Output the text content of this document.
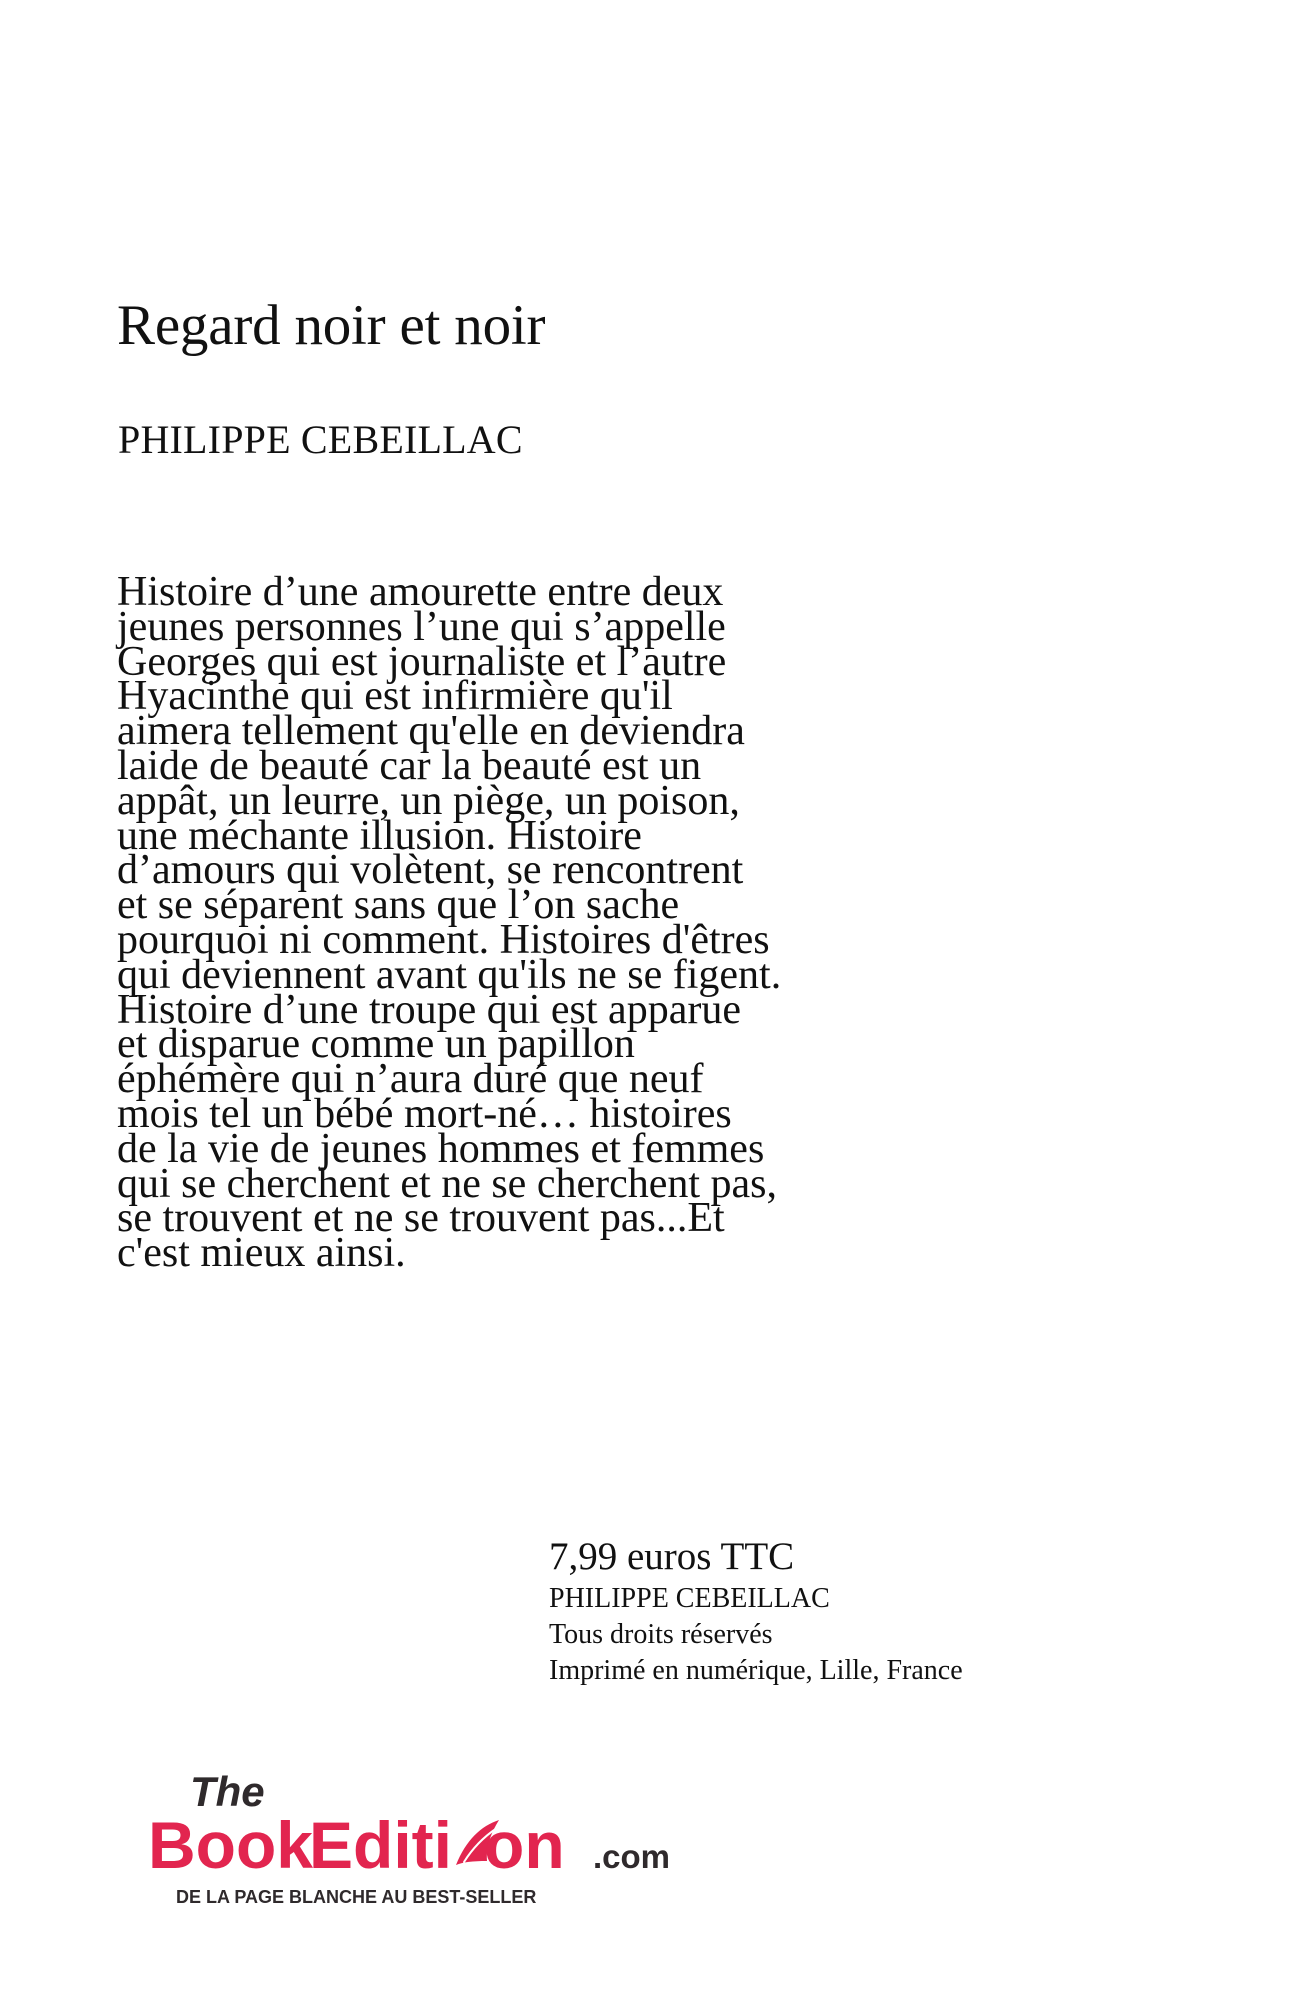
Regard noir et noir
PHILIPPE CEBEILLAC
Histoire d’une amourette entre deux
jeunes personnes l’une qui s’appelle
Georges qui est journaliste et l’autre
Hyacinthe qui est infirmière qu'il
aimera tellement qu'elle en deviendra
laide de beauté car la beauté est un
appât, un leurre, un piège, un poison,
une méchante illusion. Histoire
d’amours qui volètent, se rencontrent
et se séparent sans que l’on sache
pourquoi ni comment. Histoires d'êtres
qui deviennent avant qu'ils ne se figent.
Histoire d’une troupe qui est apparue
et disparue comme un papillon
éphémère qui n’aura duré que neuf
mois tel un bébé mort-né… histoires
de la vie de jeunes hommes et femmes
qui se cherchent et ne se cherchent pas,
se trouvent et ne se trouvent pas...Et
c'est mieux ainsi.
7,99 euros TTC
PHILIPPE CEBEILLAC
Tous droits réservés
Imprimé en numérique, Lille, France
The
Book
Editi on .com
DE LA PAGE BLANCHE AU BEST-SELLER
